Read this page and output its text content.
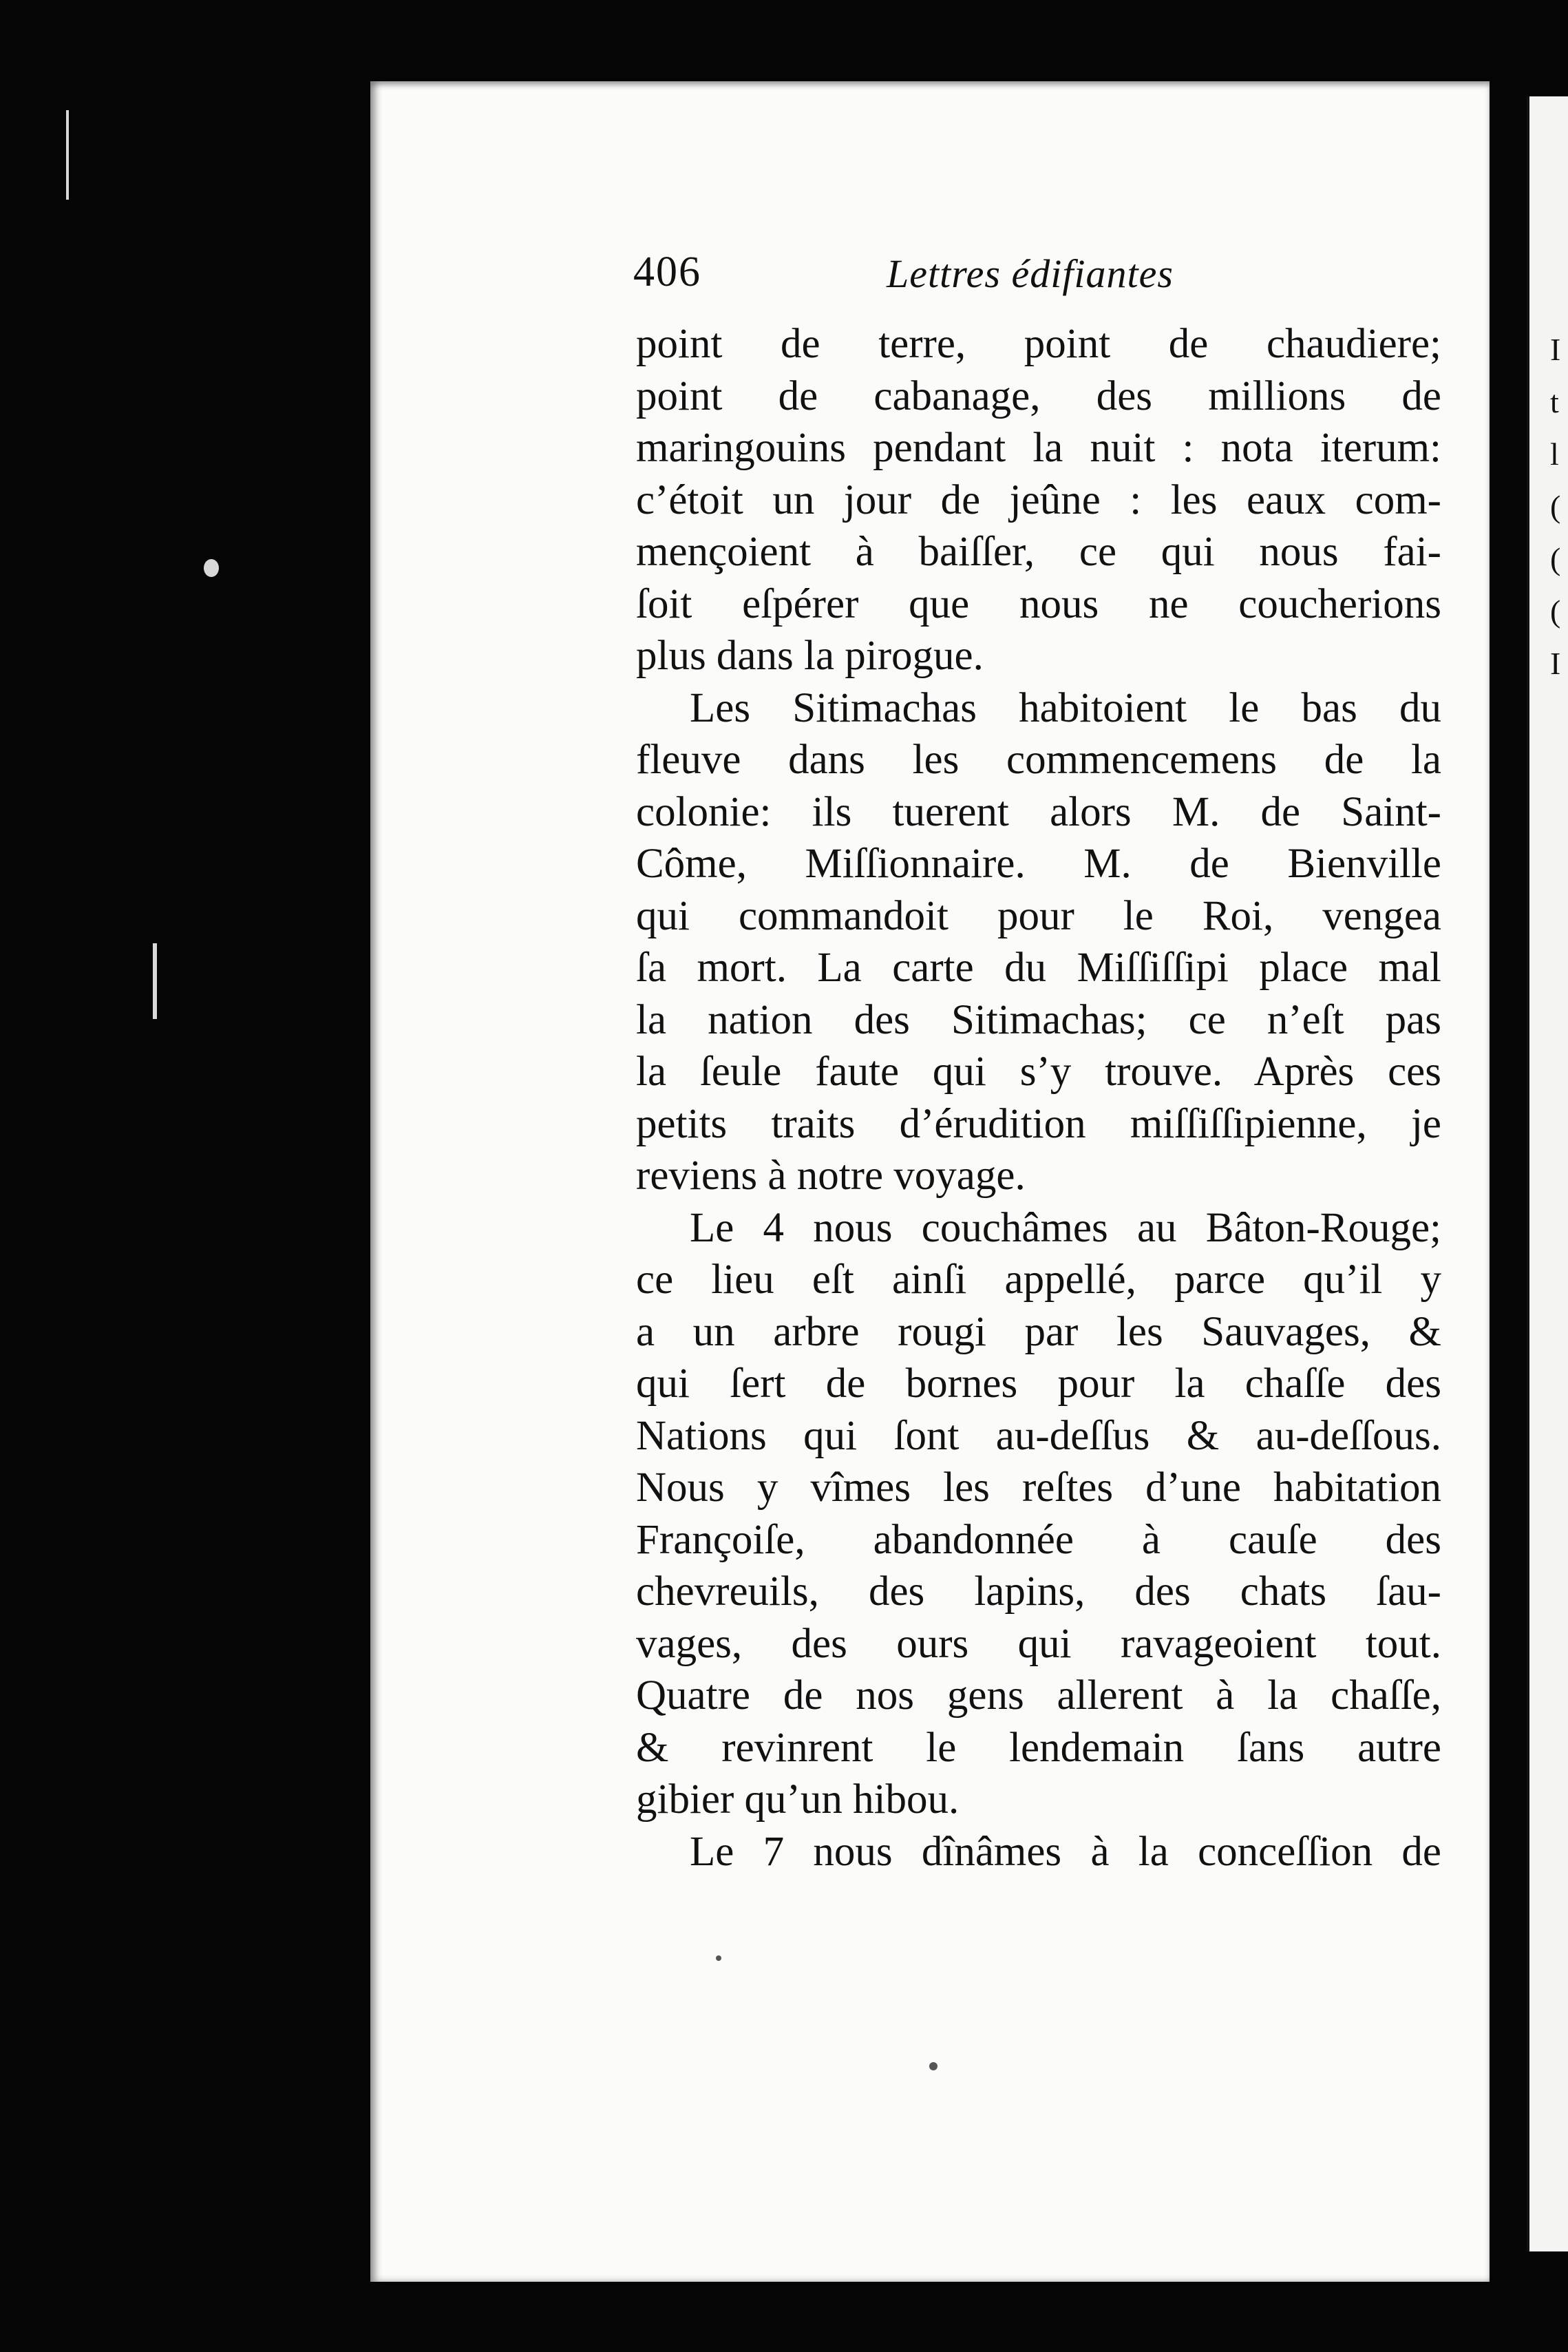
I
t
l
(
(
(
I
406	Lettres édifiantes
point de terre, point de chaudiere;
point de cabanage, des millions de
maringouins pendant la nuit : nota iterum:
c’étoit un jour de jeûne : les eaux com-
mençoient à baiſſer, ce qui nous fai-
ſoit eſpérer que nous ne coucherions
plus dans la pirogue.
Les Sitimachas habitoient le bas du
fleuve dans les commencemens de la
colonie: ils tuerent alors M. de Saint-
Côme, Miſſionnaire. M. de Bienville
qui commandoit pour le Roi, vengea
ſa mort. La carte du Miſſiſſipi place mal
la nation des Sitimachas; ce n’eſt pas
la ſeule faute qui s’y trouve. Après ces
petits traits d’érudition miſſiſſipienne, je
reviens à notre voyage.
Le 4 nous couchâmes au Bâton-Rouge;
ce lieu eſt ainſi appellé, parce qu’il y
a un arbre rougi par les Sauvages, &
qui ſert de bornes pour la chaſſe des
Nations qui ſont au-deſſus & au-deſſous.
Nous y vîmes les reſtes d’une habitation
Françoiſe, abandonnée à cauſe des
chevreuils, des lapins, des chats ſau-
vages, des ours qui ravageoient tout.
Quatre de nos gens allerent à la chaſſe,
& revinrent le lendemain ſans autre
gibier qu’un hibou.
Le 7 nous dînâmes à la conceſſion de
